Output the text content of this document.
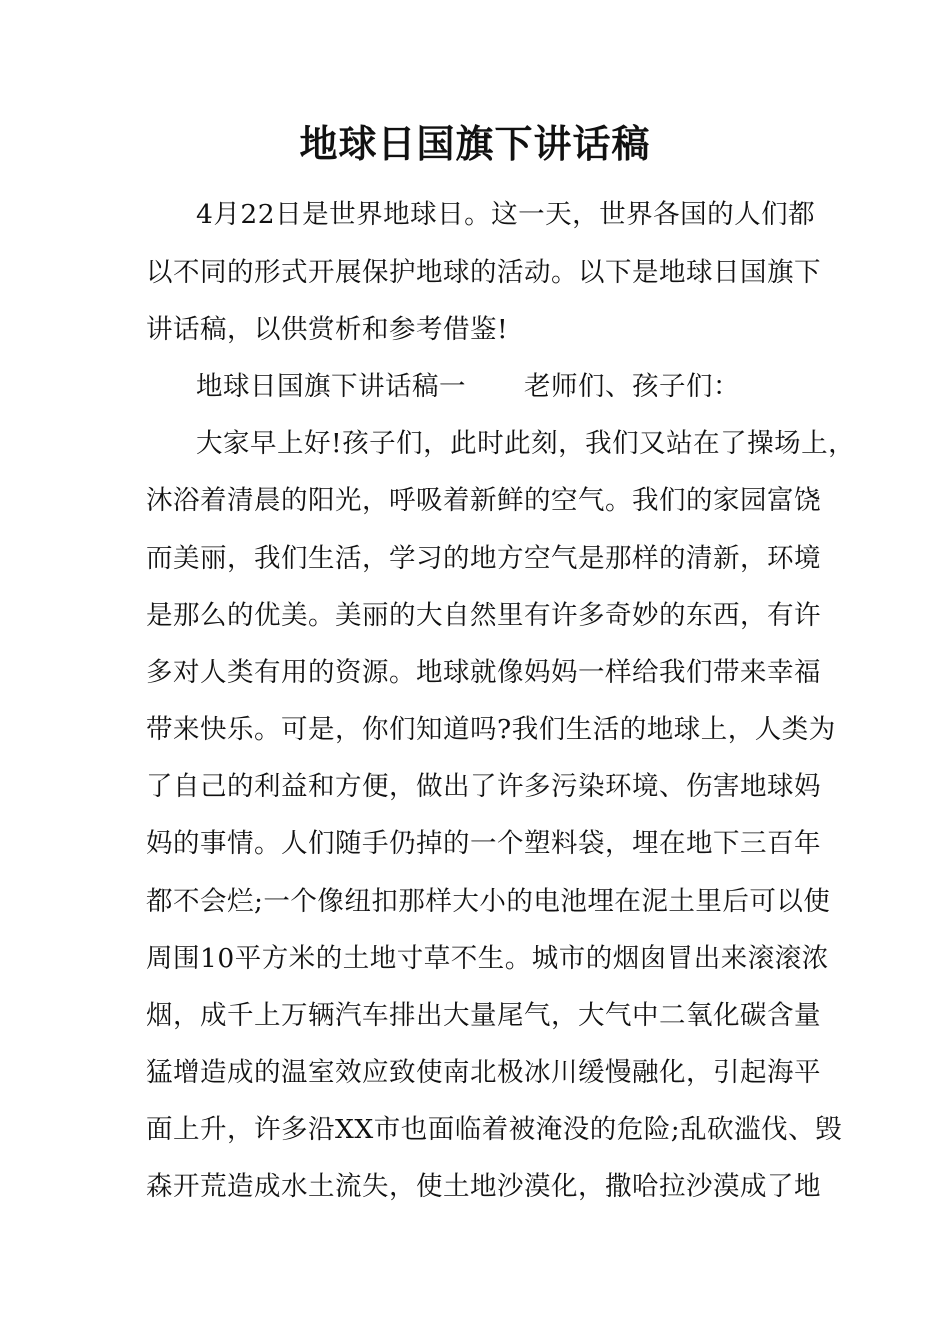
地球日国旗下讲话稿
4月22日是世界地球日。这一天，世界各国的人们都
以不同的形式开展保护地球的活动。以下是地球日国旗下
讲话稿，以供赏析和参考借鉴!
地球日国旗下讲话稿一 老师们、孩子们：
大家早上好!孩子们，此时此刻，我们又站在了操场上，
沐浴着清晨的阳光，呼吸着新鲜的空气。我们的家园富饶
而美丽，我们生活，学习的地方空气是那样的清新，环境
是那么的优美。美丽的大自然里有许多奇妙的东西，有许
多对人类有用的资源。地球就像妈妈一样给我们带来幸福
带来快乐。可是，你们知道吗?我们生活的地球上，人类为
了自己的利益和方便，做出了许多污染环境、伤害地球妈
妈的事情。人们随手仍掉的一个塑料袋，埋在地下三百年
都不会烂;一个像纽扣那样大小的电池埋在泥土里后可以使
周围10平方米的土地寸草不生。城市的烟囱冒出来滚滚浓
烟，成千上万辆汽车排出大量尾气，大气中二氧化碳含量
猛增造成的温室效应致使南北极冰川缓慢融化，引起海平
面上升，许多沿XX市也面临着被淹没的危险;乱砍滥伐、毁
森开荒造成水土流失，使土地沙漠化，撒哈拉沙漠成了地
